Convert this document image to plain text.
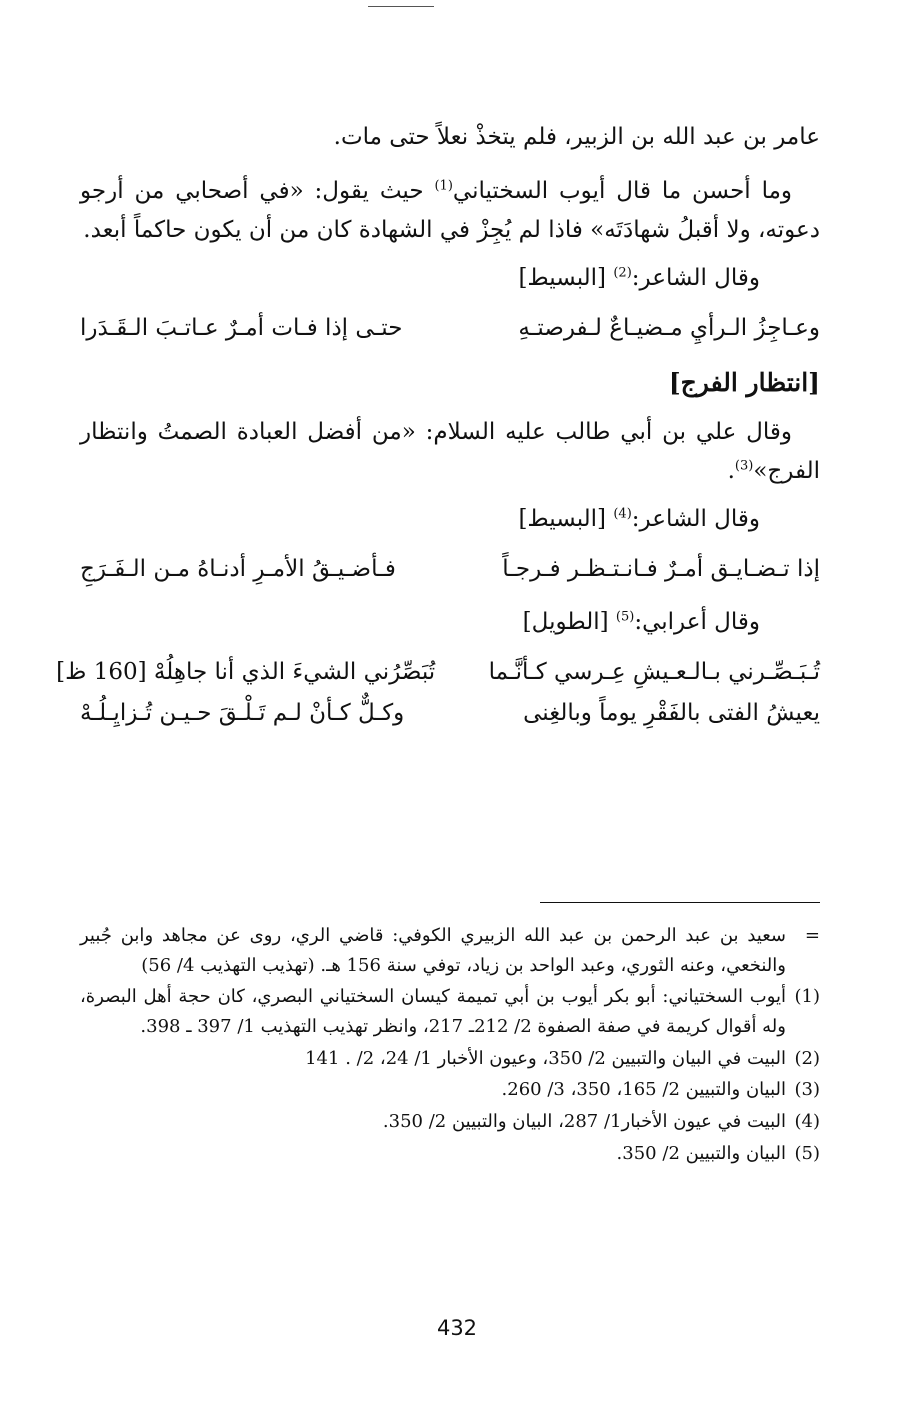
عامر بن عبد الله بن الزبير، فلم يتخذْ نعلاً حتى مات.

وما أحسن ما قال أيوب السختياني$^{(1)}$ حيث يقول: «في أصحابي من أرجو دعوته، ولا أقبلُ شهادَتَه» فاذا لم يُجِزْ في الشهادة كان من أن يكون حاكماً أبعد.

وقال الشاعر:$^{(2)}$ [البسيط]
وعـاجِزُ الـرأيِ مـضيـاعٌ لـفرصتـهِ
حتـى إذا فـات أمـرٌ عـاتـبَ الـقَـدَرا
[انتظار الفرج]

وقال علي بن أبي طالب عليه السلام: «من أفضل العبادة الصمتُ وانتظار الفرج»$^{(3)}$.

وقال الشاعر:$^{(4)}$ [البسيط]
إذا تـضـايـق أمـرٌ فـانـتـظـر فـرجـاً
فـأضـيـقُ الأمـرِ أدنـاهُ مـن الـفَـرَجِ
وقال أعرابي:$^{(5)}$ [الطويل]
تُـبَـصِّـرني بـالـعـيشِ عِـرسي كـأنَّـما
تُبَصِّرُني الشيءَ الذي أنا جاهِلُهْ [160 ظ]
يعيشُ الفتى بالفَقْرِ يوماً وبالغِنى
وكـلٌّ كـأنْ لـم تَـلْـقَ حـيـن تُـزايِـلُـهْ
=
سعيد بن عبد الرحمن بن عبد الله الزبيري الكوفي: قاضي الري، روى عن مجاهد وابن جُبير والنخعي، وعنه الثوري، وعبد الواحد بن زياد، توفي سنة 156 هـ. (تهذيب التهذيب 4/ 56)
(1)
أيوب السختياني: أبو بكر أيوب بن أبي تميمة كيسان السختياني البصري، كان حجة أهل البصرة، وله أقوال كريمة في صفة الصفوة 2/ 212ـ 217، وانظر تهذيب التهذيب 1/ 397 ـ 398.
(2)
البيت في البيان والتبيين 2/ 350، وعيون الأخبار 1/ 24، 2/ . 141
(3)
البيان والتبيين 2/ 165، 350، 3/ 260.
(4)
البيت في عيون الأخبار1/ 287، البيان والتبيين 2/ 350.
(5)
البيان والتبيين 2/ 350.
432
